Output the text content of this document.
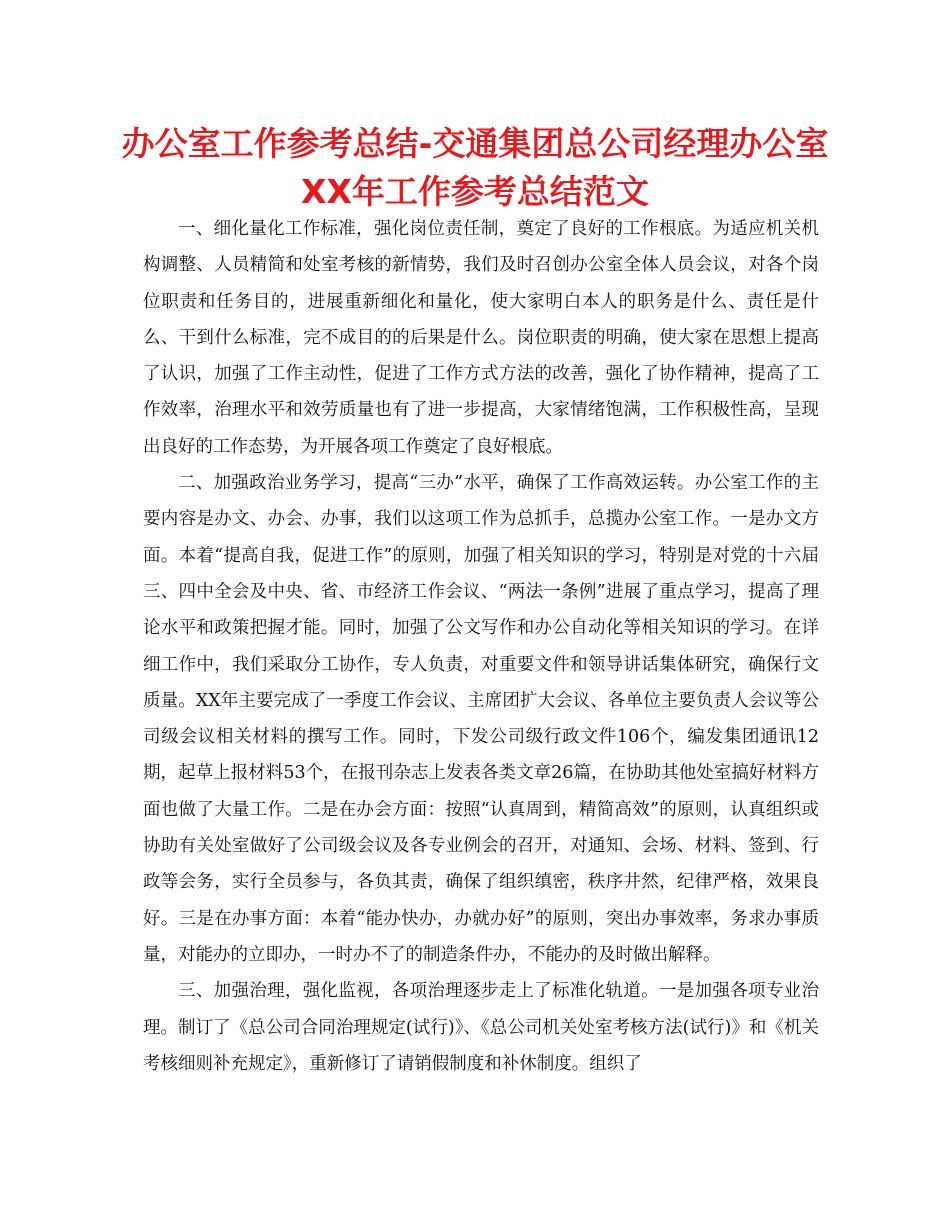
办公室工作参考总结-交通集团总公司经理办公室
XX年工作参考总结范文

一、细化量化工作标准，强化岗位责任制，奠定了良好的工作根底。为适应机关机构调整、人员精简和处室考核的新情势，我们及时召创办公室全体人员会议，对各个岗位职责和任务目的，进展重新细化和量化，使大家明白本人的职务是什么、责任是什么、干到什么标准，完不成目的的后果是什么。岗位职责的明确，使大家在思想上提高了认识，加强了工作主动性，促进了工作方式方法的改善，强化了协作精神，提高了工作效率，治理水平和效劳质量也有了进一步提高，大家情绪饱满，工作积极性高，呈现出良好的工作态势，为开展各项工作奠定了良好根底。

二、加强政治业务学习，提高“三办”水平，确保了工作高效运转。办公室工作的主要内容是办文、办会、办事，我们以这项工作为总抓手，总揽办公室工作。一是办文方面。本着“提高自我，促进工作”的原则，加强了相关知识的学习，特别是对党的十六届三、四中全会及中央、省、市经济工作会议、“两法一条例”进展了重点学习，提高了理论水平和政策把握才能。同时，加强了公文写作和办公自动化等相关知识的学习。在详细工作中，我们采取分工协作，专人负责，对重要文件和领导讲话集体研究，确保行文质量。XX年主要完成了一季度工作会议、主席团扩大会议、各单位主要负责人会议等公司级会议相关材料的撰写工作。同时，下发公司级行政文件106个，编发集团通讯12期，起草上报材料53个，在报刊杂志上发表各类文章26篇，在协助其他处室搞好材料方面也做了大量工作。二是在办会方面：按照“认真周到，精简高效”的原则，认真组织或协助有关处室做好了公司级会议及各专业例会的召开，对通知、会场、材料、签到、行政等会务，实行全员参与，各负其责，确保了组织缜密，秩序井然，纪律严格，效果良好。三是在办事方面：本着“能办快办，办就办好”的原则，突出办事效率，务求办事质量，对能办的立即办，一时办不了的制造条件办，不能办的及时做出解释。

三、加强治理，强化监视，各项治理逐步走上了标准化轨道。一是加强各项专业治理。制订了《总公司合同治理规定(试行)》、《总公司机关处室考核方法(试行)》和《机关考核细则补充规定》，重新修订了请销假制度和补休制度。组织了
